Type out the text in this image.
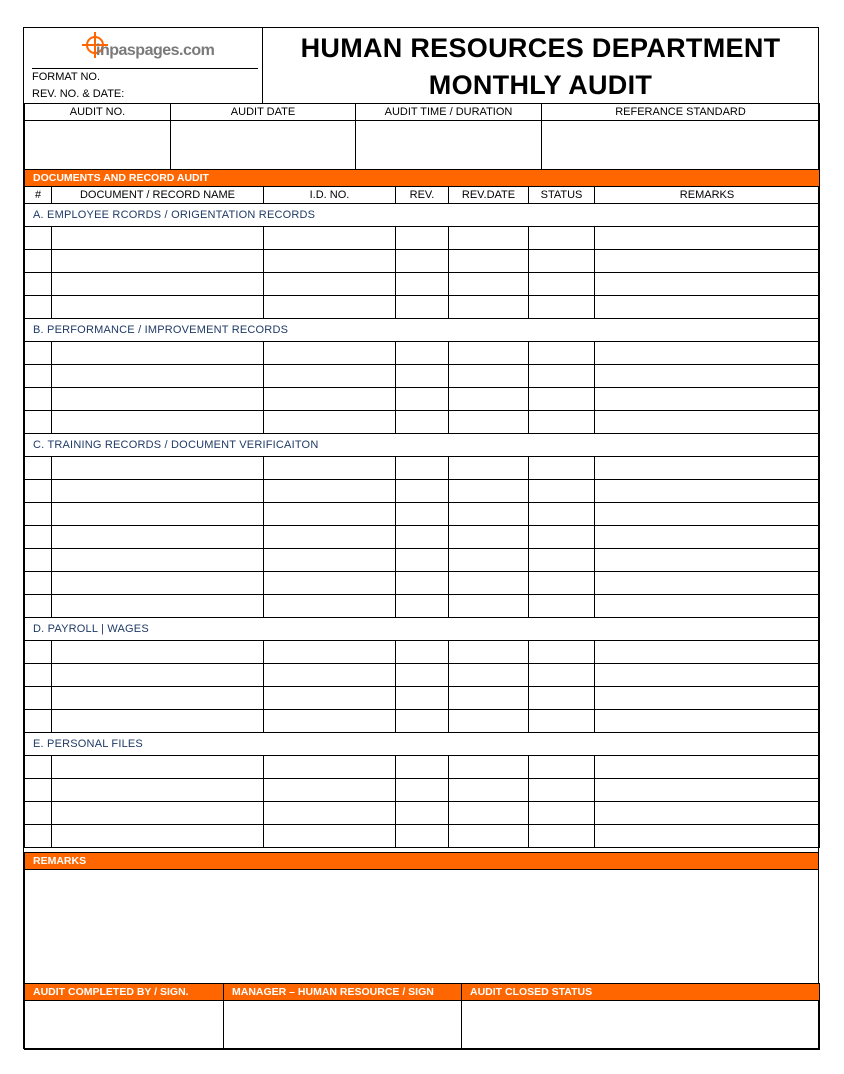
inpaspages.com
FORMAT NO.
REV. NO. & DATE:
HUMAN RESOURCES DEPARTMENT
MONTHLY AUDIT
AUDIT NO.	AUDIT DATE	AUDIT TIME / DURATION	REFERANCE STANDARD

DOCUMENTS AND RECORD AUDIT						
#	DOCUMENT / RECORD NAME	I.D. NO.	REV.	REV.DATE	STATUS	REMARKS
A. EMPLOYEE RCORDS / ORIGENTATION RECORDS						

B. PERFORMANCE / IMPROVEMENT RECORDS						

C. TRAINING RECORDS / DOCUMENT VERIFICAITON						

D. PAYROLL | WAGES						

E. PERSONAL FILES						

REMARKS

AUDIT COMPLETED BY / SIGN.	MANAGER – HUMAN RESOURCE / SIGN	AUDIT CLOSED STATUS
